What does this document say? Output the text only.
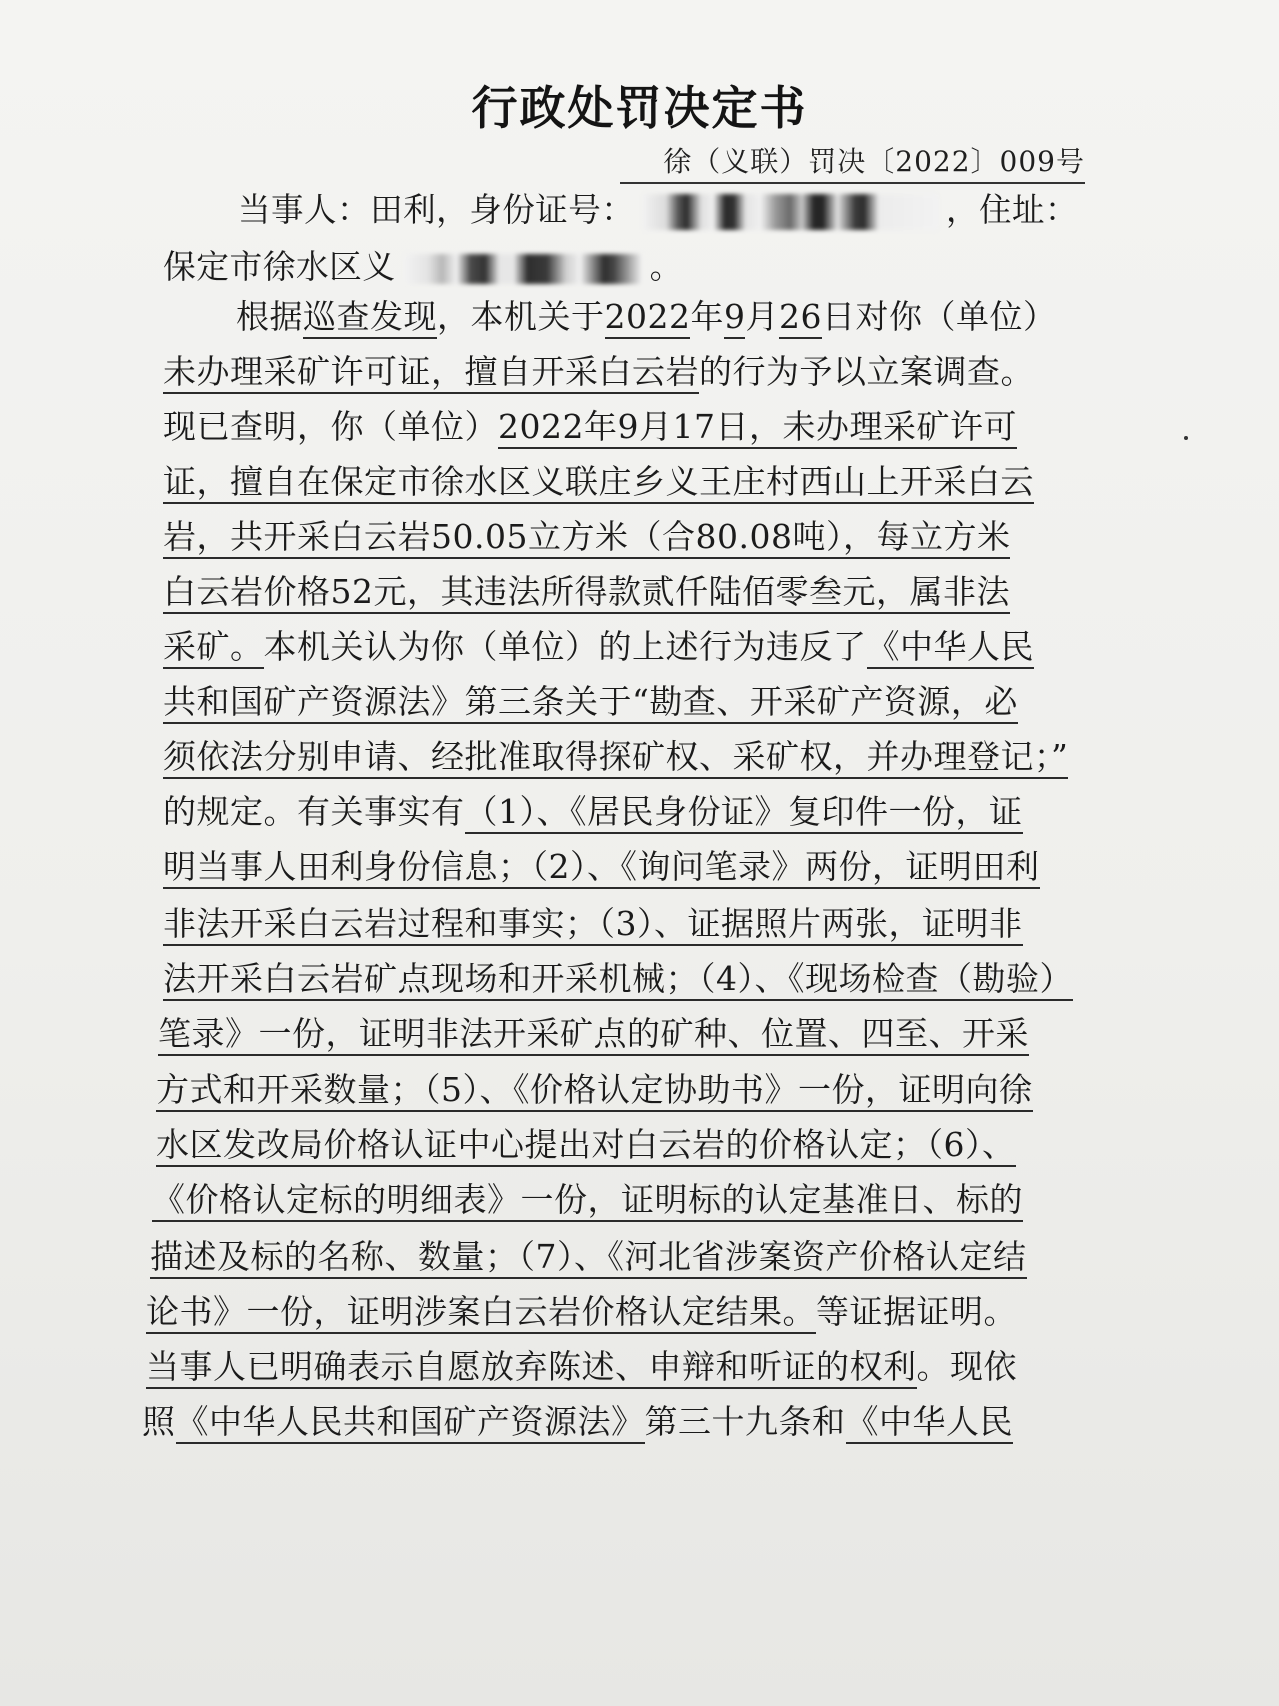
行政处罚决定书
徐（义联）罚决〔2022〕009号
当事人：田利，身份证号：	，住址：
保定市徐水区义	。
根据巡查发现，本机关于2022年9月26日对你（单位）
未办理采矿许可证，擅自开采白云岩的行为予以立案调查。
现已查明，你（单位）2022年9月17日，未办理采矿许可
证，擅自在保定市徐水区义联庄乡义王庄村西山上开采白云
岩，共开采白云岩50.05立方米（合80.08吨），每立方米
白云岩价格52元，其违法所得款贰仟陆佰零叁元，属非法
采矿。本机关认为你（单位）的上述行为违反了《中华人民
共和国矿产资源法》第三条关于“勘查、开采矿产资源，必
须依法分别申请、经批准取得探矿权、采矿权，并办理登记；”
的规定。有关事实有（1）、《居民身份证》复印件一份，证
明当事人田利身份信息；（2）、《询问笔录》两份，证明田利
非法开采白云岩过程和事实；（3）、证据照片两张，证明非
法开采白云岩矿点现场和开采机械；（4）、《现场检查（勘验）
笔录》一份，证明非法开采矿点的矿种、位置、四至、开采
方式和开采数量；（5）、《价格认定协助书》一份，证明向徐
水区发改局价格认证中心提出对白云岩的价格认定；（6）、
《价格认定标的明细表》一份，证明标的认定基准日、标的
描述及标的名称、数量；（7）、《河北省涉案资产价格认定结
论书》一份，证明涉案白云岩价格认定结果。等证据证明。
当事人已明确表示自愿放弃陈述、申辩和听证的权利。现依
照《中华人民共和国矿产资源法》第三十九条和《中华人民
